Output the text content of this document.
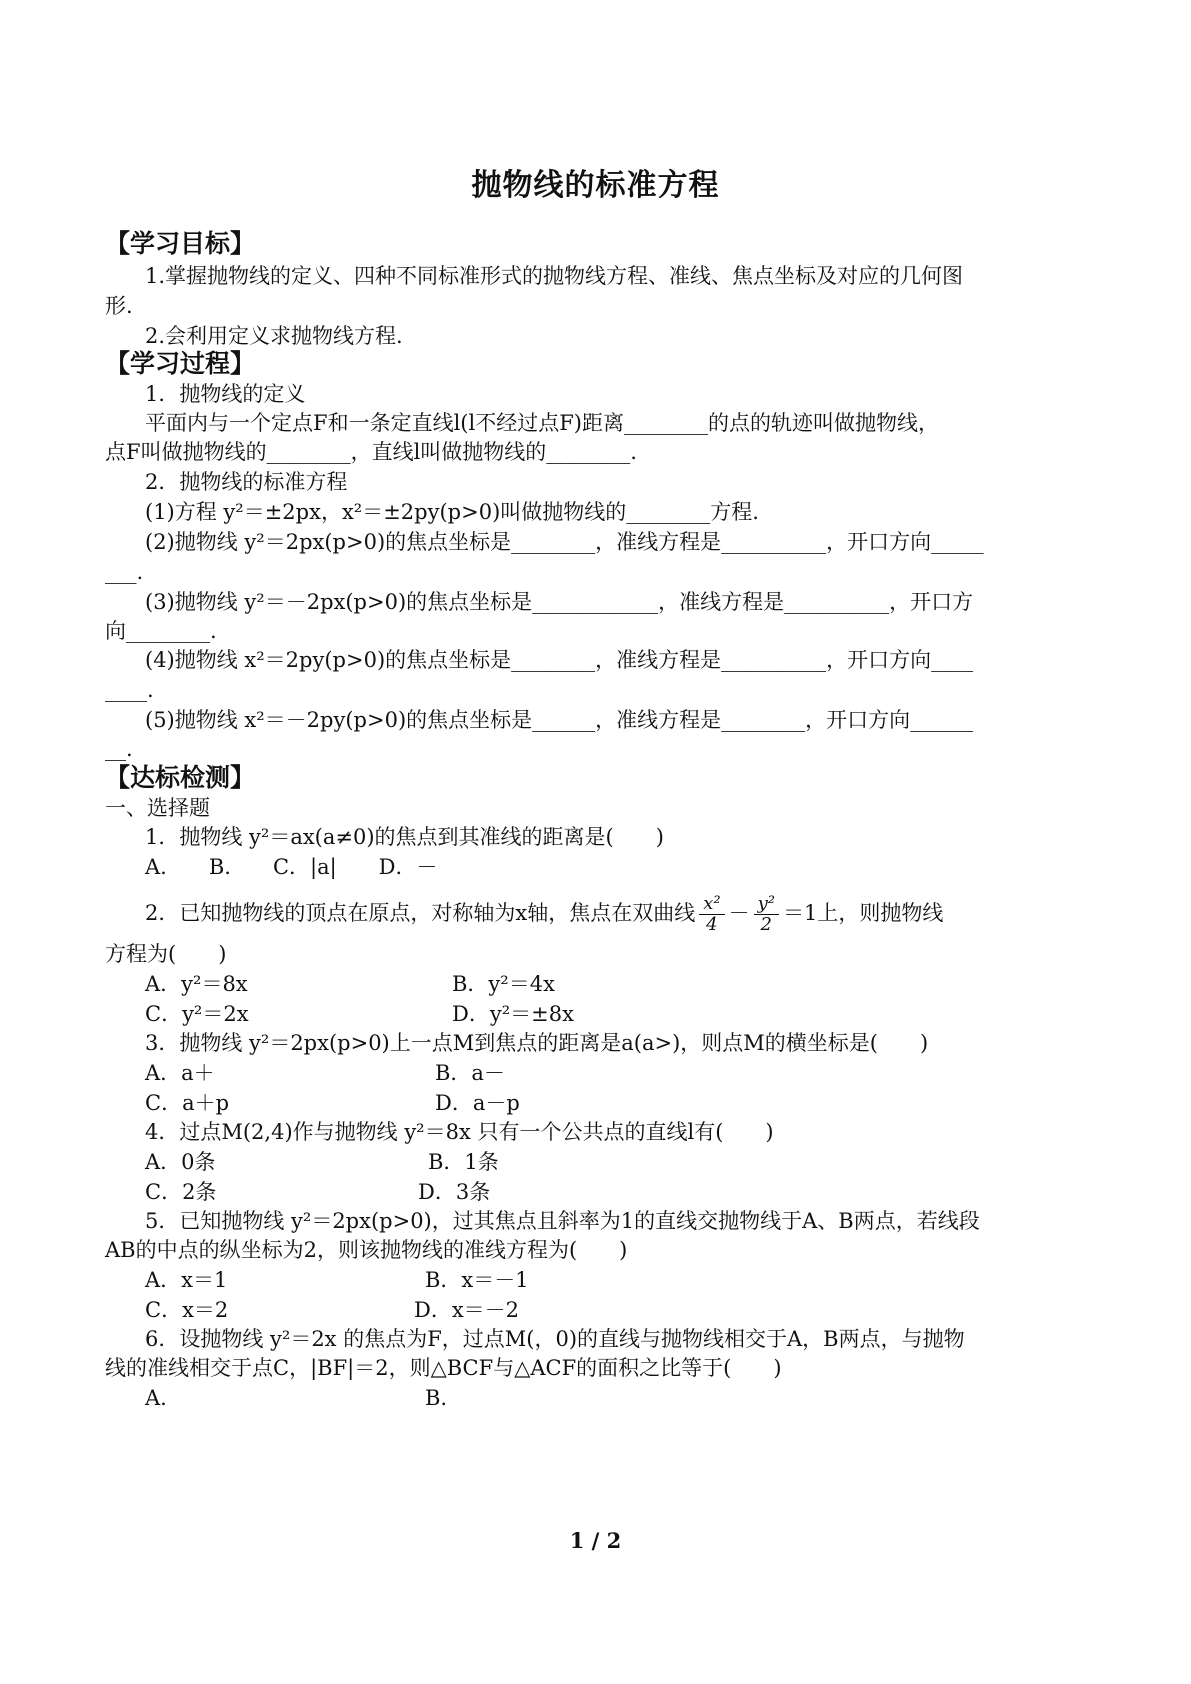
抛物线的标准方程
【学习目标】
1.掌握抛物线的定义、四种不同标准形式的抛物线方程、准线、焦点坐标及对应的几何图
形.
2.会利用定义求抛物线方程.
【学习过程】
1．抛物线的定义
平面内与一个定点F和一条定直线l(l不经过点F)距离________的点的轨迹叫做抛物线，
点F叫做抛物线的________，直线l叫做抛物线的________.
2．抛物线的标准方程
(1)方程 y²＝±2px，x²＝±2py(p>0)叫做抛物线的________方程.
(2)抛物线 y²＝2px(p>0)的焦点坐标是________，准线方程是__________，开口方向_____
___.
(3)抛物线 y²＝－2px(p>0)的焦点坐标是____________，准线方程是__________，开口方
向________.
(4)抛物线 x²＝2py(p>0)的焦点坐标是________，准线方程是__________，开口方向____
____.
(5)抛物线 x²＝－2py(p>0)的焦点坐标是______，准线方程是________，开口方向______
__.
【达标检测】
一、选择题
1．抛物线 y²＝ax(a≠0)的焦点到其准线的距离是(　　)
A.　　B.　　C．|a|　　D．－
2．已知抛物线的顶点在原点，对称轴为x轴，焦点在双曲线 $\frac{\text{x²}}{4} - \frac{\text{y²}}{2} =1$上，则抛物线
方程为(　　)
A．y²＝8x	B．y²＝4x
C．y²＝2x	D．y²＝±8x
3．抛物线 y²＝2px(p>0)上一点M到焦点的距离是a(a>)，则点M的横坐标是(　　)
A．a＋	B．a－
C．a＋p	D．a－p
4．过点M(2,4)作与抛物线 y²＝8x 只有一个公共点的直线l有(　　)
A．0条	B．1条
C．2条	D．3条
5．已知抛物线 y²＝2px(p>0)，过其焦点且斜率为1的直线交抛物线于A、B两点，若线段
AB的中点的纵坐标为2，则该抛物线的准线方程为(　　)
A．x＝1	B．x＝－1
C．x＝2	D．x＝－2
6．设抛物线 y²＝2x 的焦点为F，过点M(，0)的直线与抛物线相交于A，B两点，与抛物
线的准线相交于点C，|BF|＝2，则△BCF与△ACF的面积之比等于(　　)
A.	B.
1 / 2
